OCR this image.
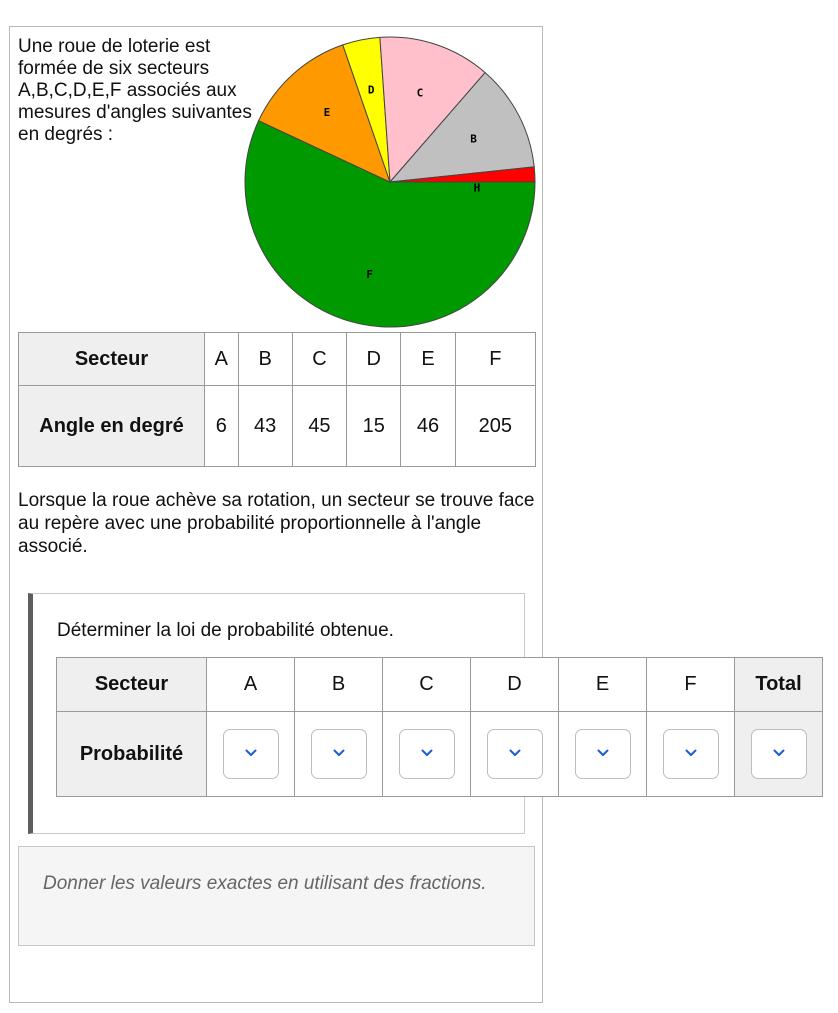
Une roue de loterie est formée de six secteurs A,B,C,D,E,F associés aux mesures d'angles suivantes en degrés :

F
E
D	C
B
H
Secteur	A	B	C	D	E	F
Angle en degré	6	43	45	15	46	205

Lorsque la roue achève sa rotation, un secteur se trouve face au repère avec une probabilité proportionnelle à l'angle associé.

Déterminer la loi de probabilité obtenue.

Secteur	A	B	C	D	E	F	Total
Probabilité	

Donner les valeurs exactes en utilisant des fractions.
